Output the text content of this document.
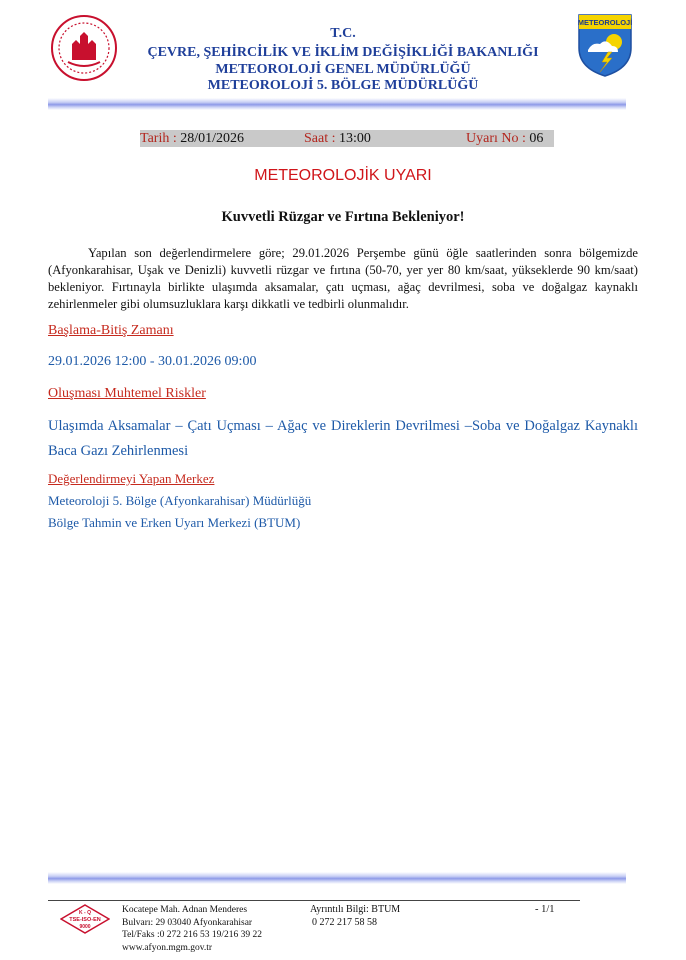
METEOROLOJİ
T.C.
ÇEVRE, ŞEHİRCİLİK VE İKLİM DEĞİŞİKLİĞİ BAKANLIĞI
METEOROLOJİ GENEL MÜDÜRLÜĞÜ
METEOROLOJİ 5. BÖLGE MÜDÜRLÜĞÜ
Tarih : 28/01/2026	Saat : 13:00	Uyarı No : 06
METEOROLOJİK UYARI
Kuvvetli Rüzgar ve Fırtına Bekleniyor!
Yapılan son değerlendirmelere göre; 29.01.2026 Perşembe günü öğle saatlerinden sonra bölgemizde (Afyonkarahisar, Uşak ve Denizli) kuvvetli rüzgar ve fırtına (50-70, yer yer 80 km/saat, yükseklerde 90 km/saat) bekleniyor. Fırtınayla birlikte ulaşımda aksamalar, çatı uçması, ağaç devrilmesi, soba ve doğalgaz kaynaklı zehirlenmeler gibi olumsuzluklara karşı dikkatli ve tedbirli olunmalıdır.
Başlama-Bitiş Zamanı
29.01.2026 12:00 - 30.01.2026 09:00
Oluşması Muhtemel Riskler
Ulaşımda Aksamalar – Çatı Uçması – Ağaç ve Direklerin Devrilmesi –Soba ve Doğalgaz Kaynaklı Baca Gazı Zehirlenmesi
Değerlendirmeyi Yapan Merkez
Meteoroloji 5. Bölge (Afyonkarahisar) Müdürlüğü
Bölge Tahmin ve Erken Uyarı Merkezi (BTUM)
K - Q
TSE-ISO-EN
9000
Kocatepe Mah. Adnan Menderes
Bulvarı: 29 03040 Afyonkarahisar
Tel/Faks :0 272 216 53 19/216 39 22
www.afyon.mgm.gov.tr
Ayrıntılı Bilgi: BTUM
0 272 217 58 58
- 1/1
